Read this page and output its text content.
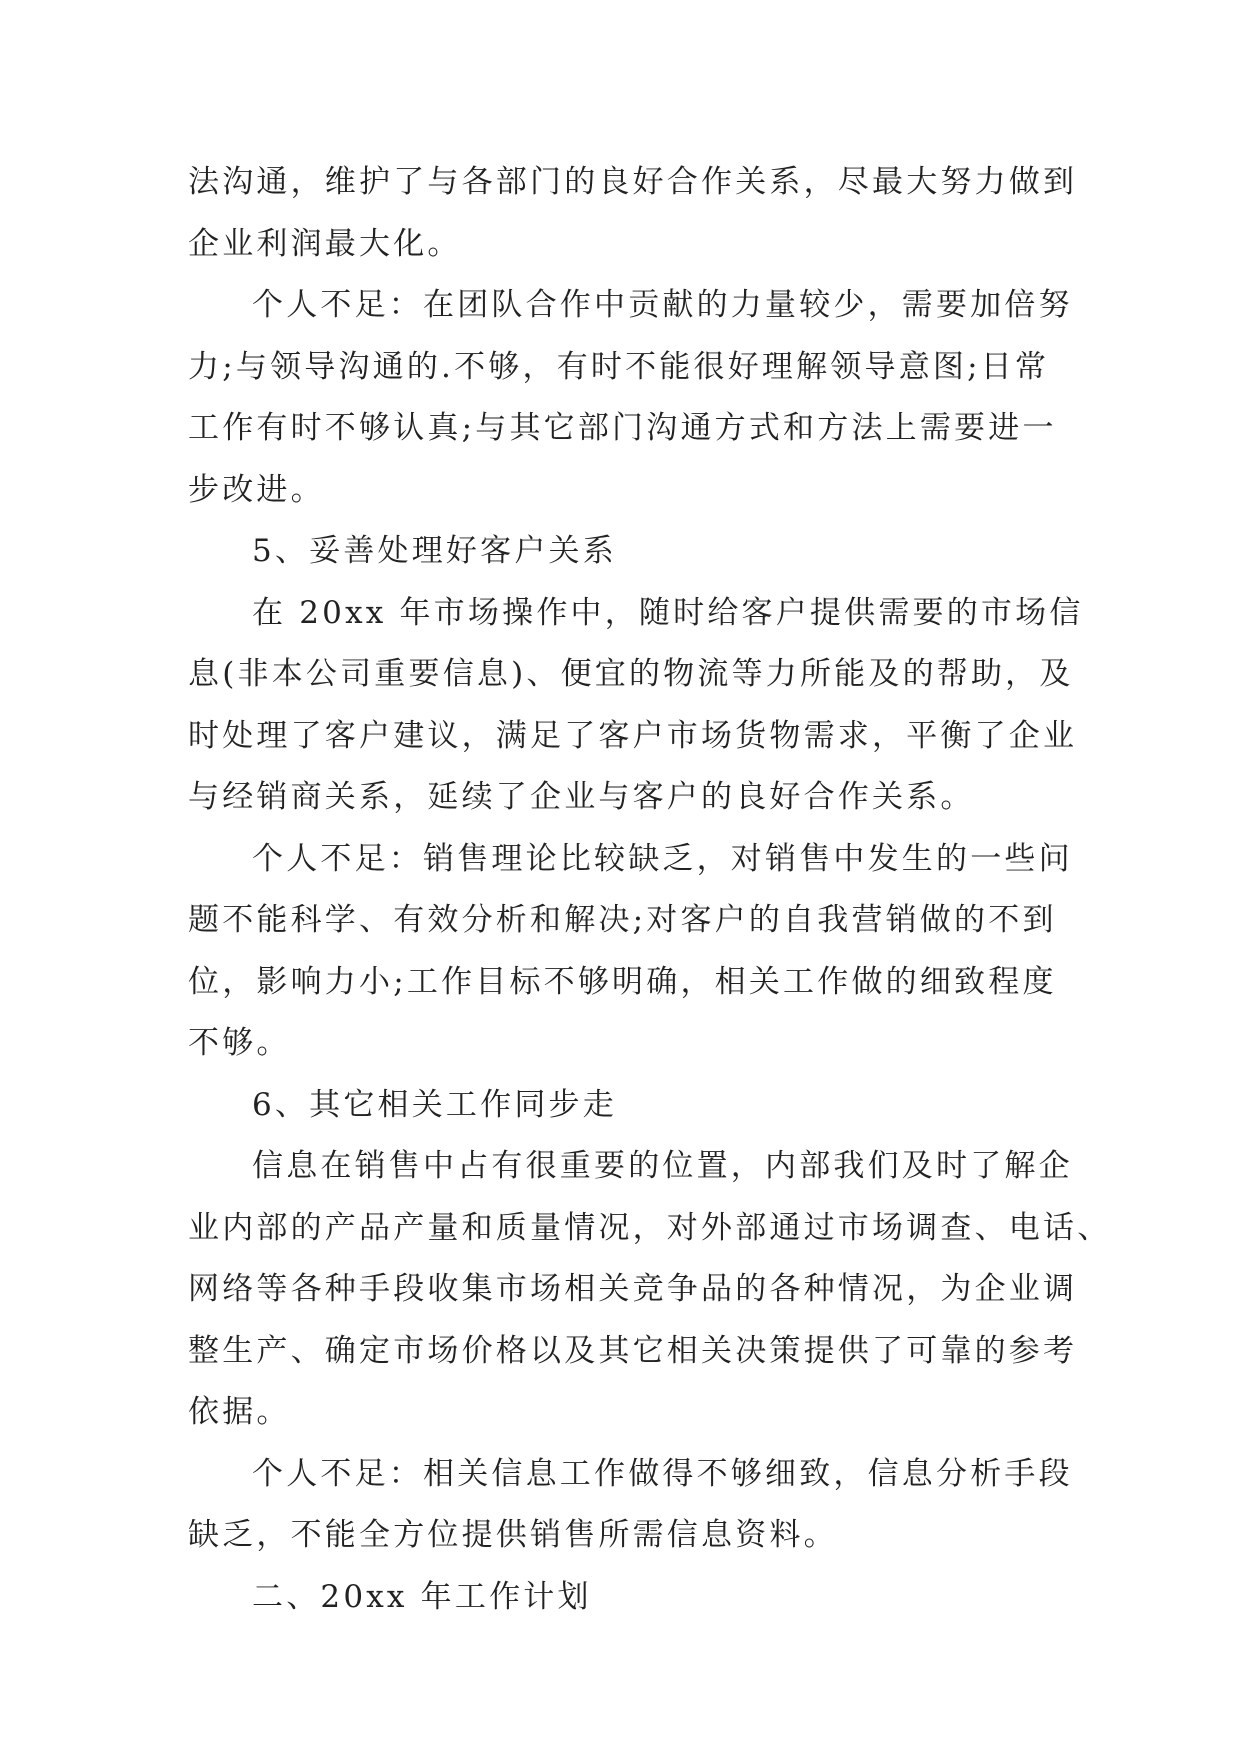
法沟通，维护了与各部门的良好合作关系，尽最大努力做到
企业利润最大化。
个人不足：在团队合作中贡献的力量较少，需要加倍努
力;与领导沟通的.不够，有时不能很好理解领导意图;日常
工作有时不够认真;与其它部门沟通方式和方法上需要进一
步改进。
5、妥善处理好客户关系
在 20xx 年市场操作中，随时给客户提供需要的市场信
息(非本公司重要信息)、便宜的物流等力所能及的帮助，及
时处理了客户建议，满足了客户市场货物需求，平衡了企业
与经销商关系，延续了企业与客户的良好合作关系。
个人不足：销售理论比较缺乏，对销售中发生的一些问
题不能科学、有效分析和解决;对客户的自我营销做的不到
位，影响力小;工作目标不够明确，相关工作做的细致程度
不够。
6、其它相关工作同步走
信息在销售中占有很重要的位置，内部我们及时了解企
业内部的产品产量和质量情况，对外部通过市场调查、电话、
网络等各种手段收集市场相关竞争品的各种情况，为企业调
整生产、确定市场价格以及其它相关决策提供了可靠的参考
依据。
个人不足：相关信息工作做得不够细致，信息分析手段
缺乏，不能全方位提供销售所需信息资料。
二、20xx 年工作计划
